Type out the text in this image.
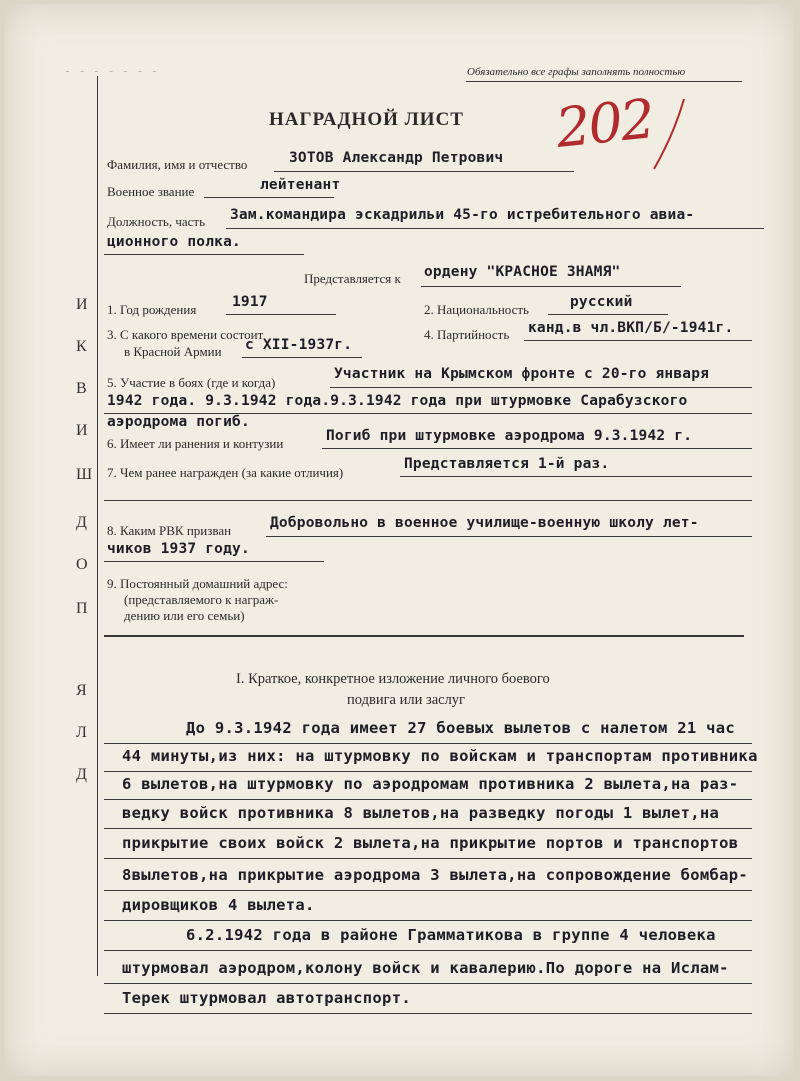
- - - - - - -	Обязательно все графы заполнять полностью
И
К
В
И
Ш
Д
О
П
Я
Л
Д
НАГРАДНОЙ ЛИСТ 202
Фамилия, имя и отчество	ЗОТОВ Александр Петрович
Военное звание	лейтенант
Должность, часть Зам.командира эскадрильи 45-го истребительного авиа-
ционного полка.
Представляется к ордену "КРАСНОЕ ЗНАМЯ"
1. Год рождения 1917	2. Национальность	русский
3. С какого времени состоит
в Красной Армии с XII-1937г.
4. Партийность канд.в чл.ВКП/Б/-1941г.
5. Участие в боях (где и когда)
Участник на Крымском фронте с 20-го января
1942 года. 9.3.1942 года.9.3.1942 года при штурмовке Сарабузского
аэродрома погиб.
6. Имеет ли ранения и контузии	Погиб при штурмовке аэродрома 9.3.1942 г.
7. Чем ранее награжден (за какие отличия)
Представляется 1-й раз.
8. Каким РВК призван	Добровольно в военное училище-военную школу лет-
чиков 1937 году.
9. Постоянный домашний адрес:
(представляемого к награж-
дению или его семьи)
I. Краткое, конкретное изложение личного боевого
подвига или заслуг
До 9.3.1942 года имеет 27 боевых вылетов с налетом 21 час
44 минуты,из них: на штурмовку по войскам и транспортам противника
6 вылетов,на штурмовку по аэродромам противника 2 вылета,на раз-
ведку войск противника 8 вылетов,на разведку погоды 1 вылет,на
прикрытие своих войск 2 вылета,на прикрытие портов и транспортов
8вылетов,на прикрытие аэродрома 3 вылета,на сопровождение бомбар-
дировщиков 4 вылета.
6.2.1942 года в районе Грамматикова в группе 4 человека
штурмовал аэродром,колону войск и кавалерию.По дороге на Ислам-
Терек штурмовал автотранспорт.
